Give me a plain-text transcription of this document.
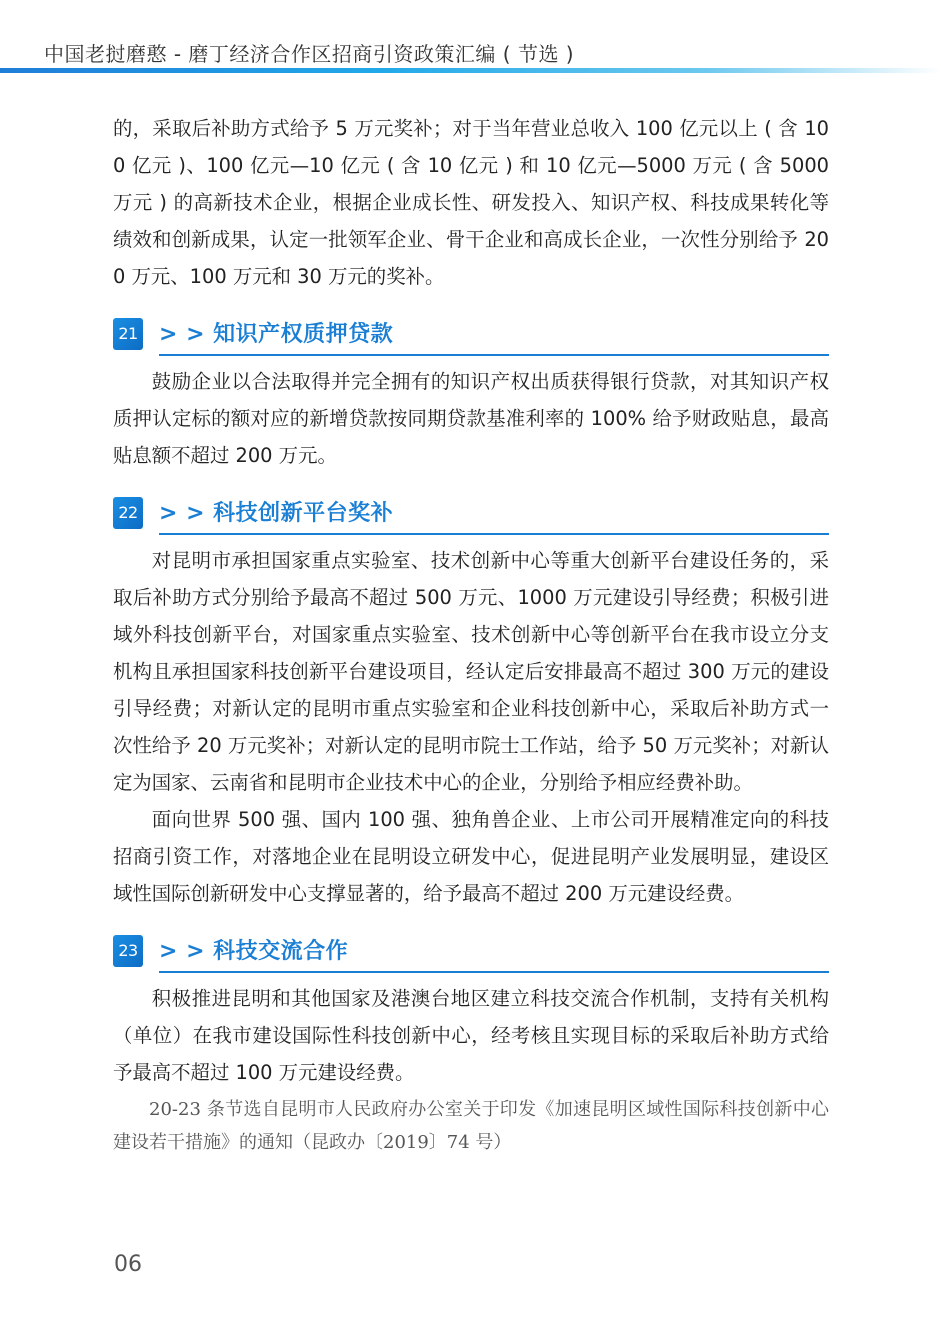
中国老挝磨憨 - 磨丁经济合作区招商引资政策汇编 ( 节选 )

的，采取后补助方式给予 5 万元奖补；对于当年营业总收入 100 亿元以上 ( 含 100 亿元 )、100 亿元—10 亿元 ( 含 10 亿元 ) 和 10 亿元—5000 万元 ( 含 5000 万元 ) 的高新技术企业，根据企业成长性、研发投入、知识产权、科技成果转化等绩效和创新成果，认定一批领军企业、骨干企业和高成长企业，一次性分别给予 200 万元、100 万元和 30 万元的奖补。

21 > > 知识产权质押贷款

鼓励企业以合法取得并完全拥有的知识产权出质获得银行贷款，对其知识产权质押认定标的额对应的新增贷款按同期贷款基准利率的 100% 给予财政贴息，最高贴息额不超过 200 万元。

22 > > 科技创新平台奖补

对昆明市承担国家重点实验室、技术创新中心等重大创新平台建设任务的，采取后补助方式分别给予最高不超过 500 万元、1000 万元建设引导经费；积极引进域外科技创新平台，对国家重点实验室、技术创新中心等创新平台在我市设立分支机构且承担国家科技创新平台建设项目，经认定后安排最高不超过 300 万元的建设引导经费；对新认定的昆明市重点实验室和企业科技创新中心，采取后补助方式一次性给予 20 万元奖补；对新认定的昆明市院士工作站，给予 50 万元奖补；对新认定为国家、云南省和昆明市企业技术中心的企业，分别给予相应经费补助。

面向世界 500 强、国内 100 强、独角兽企业、上市公司开展精准定向的科技招商引资工作，对落地企业在昆明设立研发中心，促进昆明产业发展明显，建设区域性国际创新研发中心支撑显著的，给予最高不超过 200 万元建设经费。

23 > > 科技交流合作

积极推进昆明和其他国家及港澳台地区建立科技交流合作机制，支持有关机构（单位）在我市建设国际性科技创新中心，经考核且实现目标的采取后补助方式给予最高不超过 100 万元建设经费。

20-23 条节选自昆明市人民政府办公室关于印发《加速昆明区域性国际科技创新中心建设若干措施》的通知（昆政办〔2019〕74 号）

06
